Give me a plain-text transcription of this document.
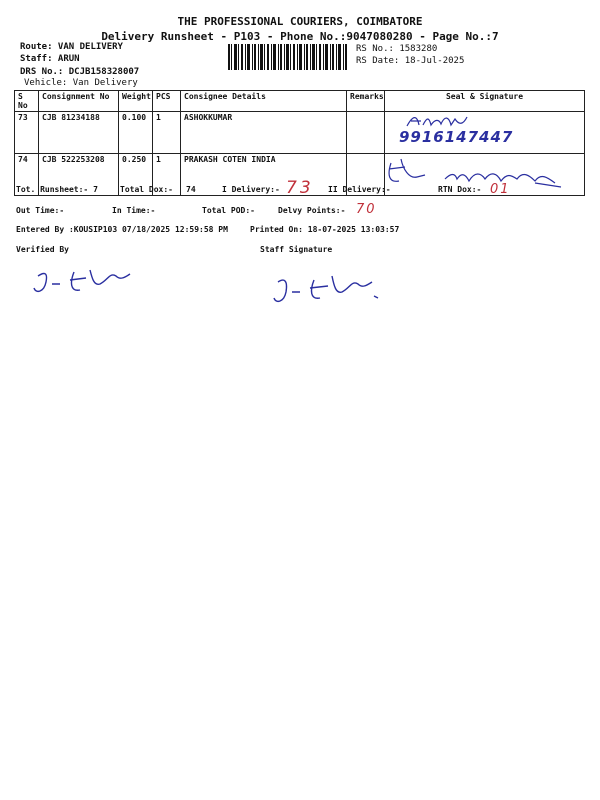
THE PROFESSIONAL COURIERS, COIMBATORE
Delivery Runsheet - P103 - Phone No.:9047080280 - Page No.:7
Route: VAN DELIVERY
Staff: ARUN
DRS No.: DCJB158328007
Vehicle: Van Delivery
RS No.: 1583280
RS Date: 18-Jul-2025
S No	Consignment No	Weight	PCS	Consignee Details	Remarks	Seal & Signature
73	CJB 81234188	0.100	1	ASHOKKUMAR		9916147447

74	CJB 522253208	0.250	1	PRAKASH COTEN INDIA		
Tot. Runsheet:- 7	Total Dox:- 74	I Delivery:- 73 II Delivery:-	RTN Dox:- 01
Out Time:-	In Time:-	Total POD:-	Delvy Points:- 70
Entered By :KOUSIP103 07/18/2025 12:59:58 PM	Printed On: 18-07-2025 13:03:57
Verified By	Staff Signature
